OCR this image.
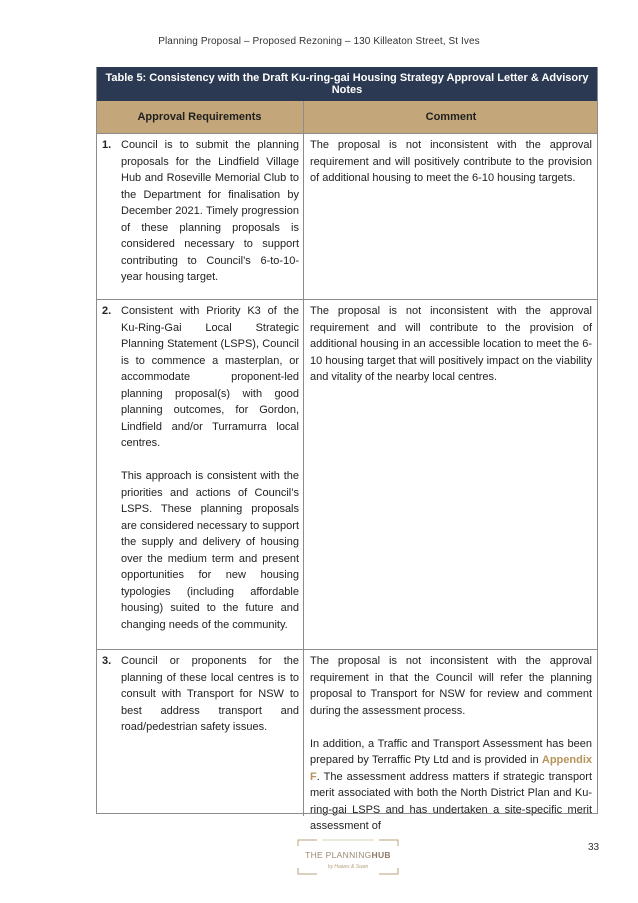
Planning Proposal – Proposed Rezoning – 130 Killeaton Street, St Ives
Table 5: Consistency with the Draft Ku-ring-gai Housing Strategy Approval Letter & Advisory Notes
Approval Requirements	Comment
1. Council is to submit the planning proposals for the Lindfield Village Hub and Roseville Memorial Club to the Department for finalisation by December 2021. Timely progression of these planning proposals is considered necessary to support contributing to Council’s 6-to-10-year housing target.

The proposal is not inconsistent with the approval requirement and will positively contribute to the provision of additional housing to meet the 6-10 housing targets.

2. Consistent with Priority K3 of the Ku-Ring-Gai Local Strategic Planning Statement (LSPS), Council is to commence a masterplan, or accommodate proponent-led planning proposal(s) with good planning outcomes, for Gordon, Lindfield and/or Turramurra local centres.

This approach is consistent with the priorities and actions of Council’s LSPS. These planning proposals are considered necessary to support the supply and delivery of housing over the medium term and present opportunities for new housing typologies (including affordable housing) suited to the future and changing needs of the community.

The proposal is not inconsistent with the approval requirement and will contribute to the provision of additional housing in an accessible location to meet the 6-10 housing target that will positively impact on the viability and vitality of the nearby local centres.

3. Council or proponents for the planning of these local centres is to consult with Transport for NSW to best address transport and road/pedestrian safety issues.

The proposal is not inconsistent with the approval requirement in that the Council will refer the planning proposal to Transport for NSW for review and comment during the assessment process.

In addition, a Traffic and Transport Assessment has been prepared by Terraffic Pty Ltd and is provided in Appendix F. The assessment address matters if strategic transport merit associated with both the North District Plan and Ku-ring-gai LSPS and has undertaken a site-specific merit assessment of

THE PLANNINGHUB
by Hawes & Swan
33
